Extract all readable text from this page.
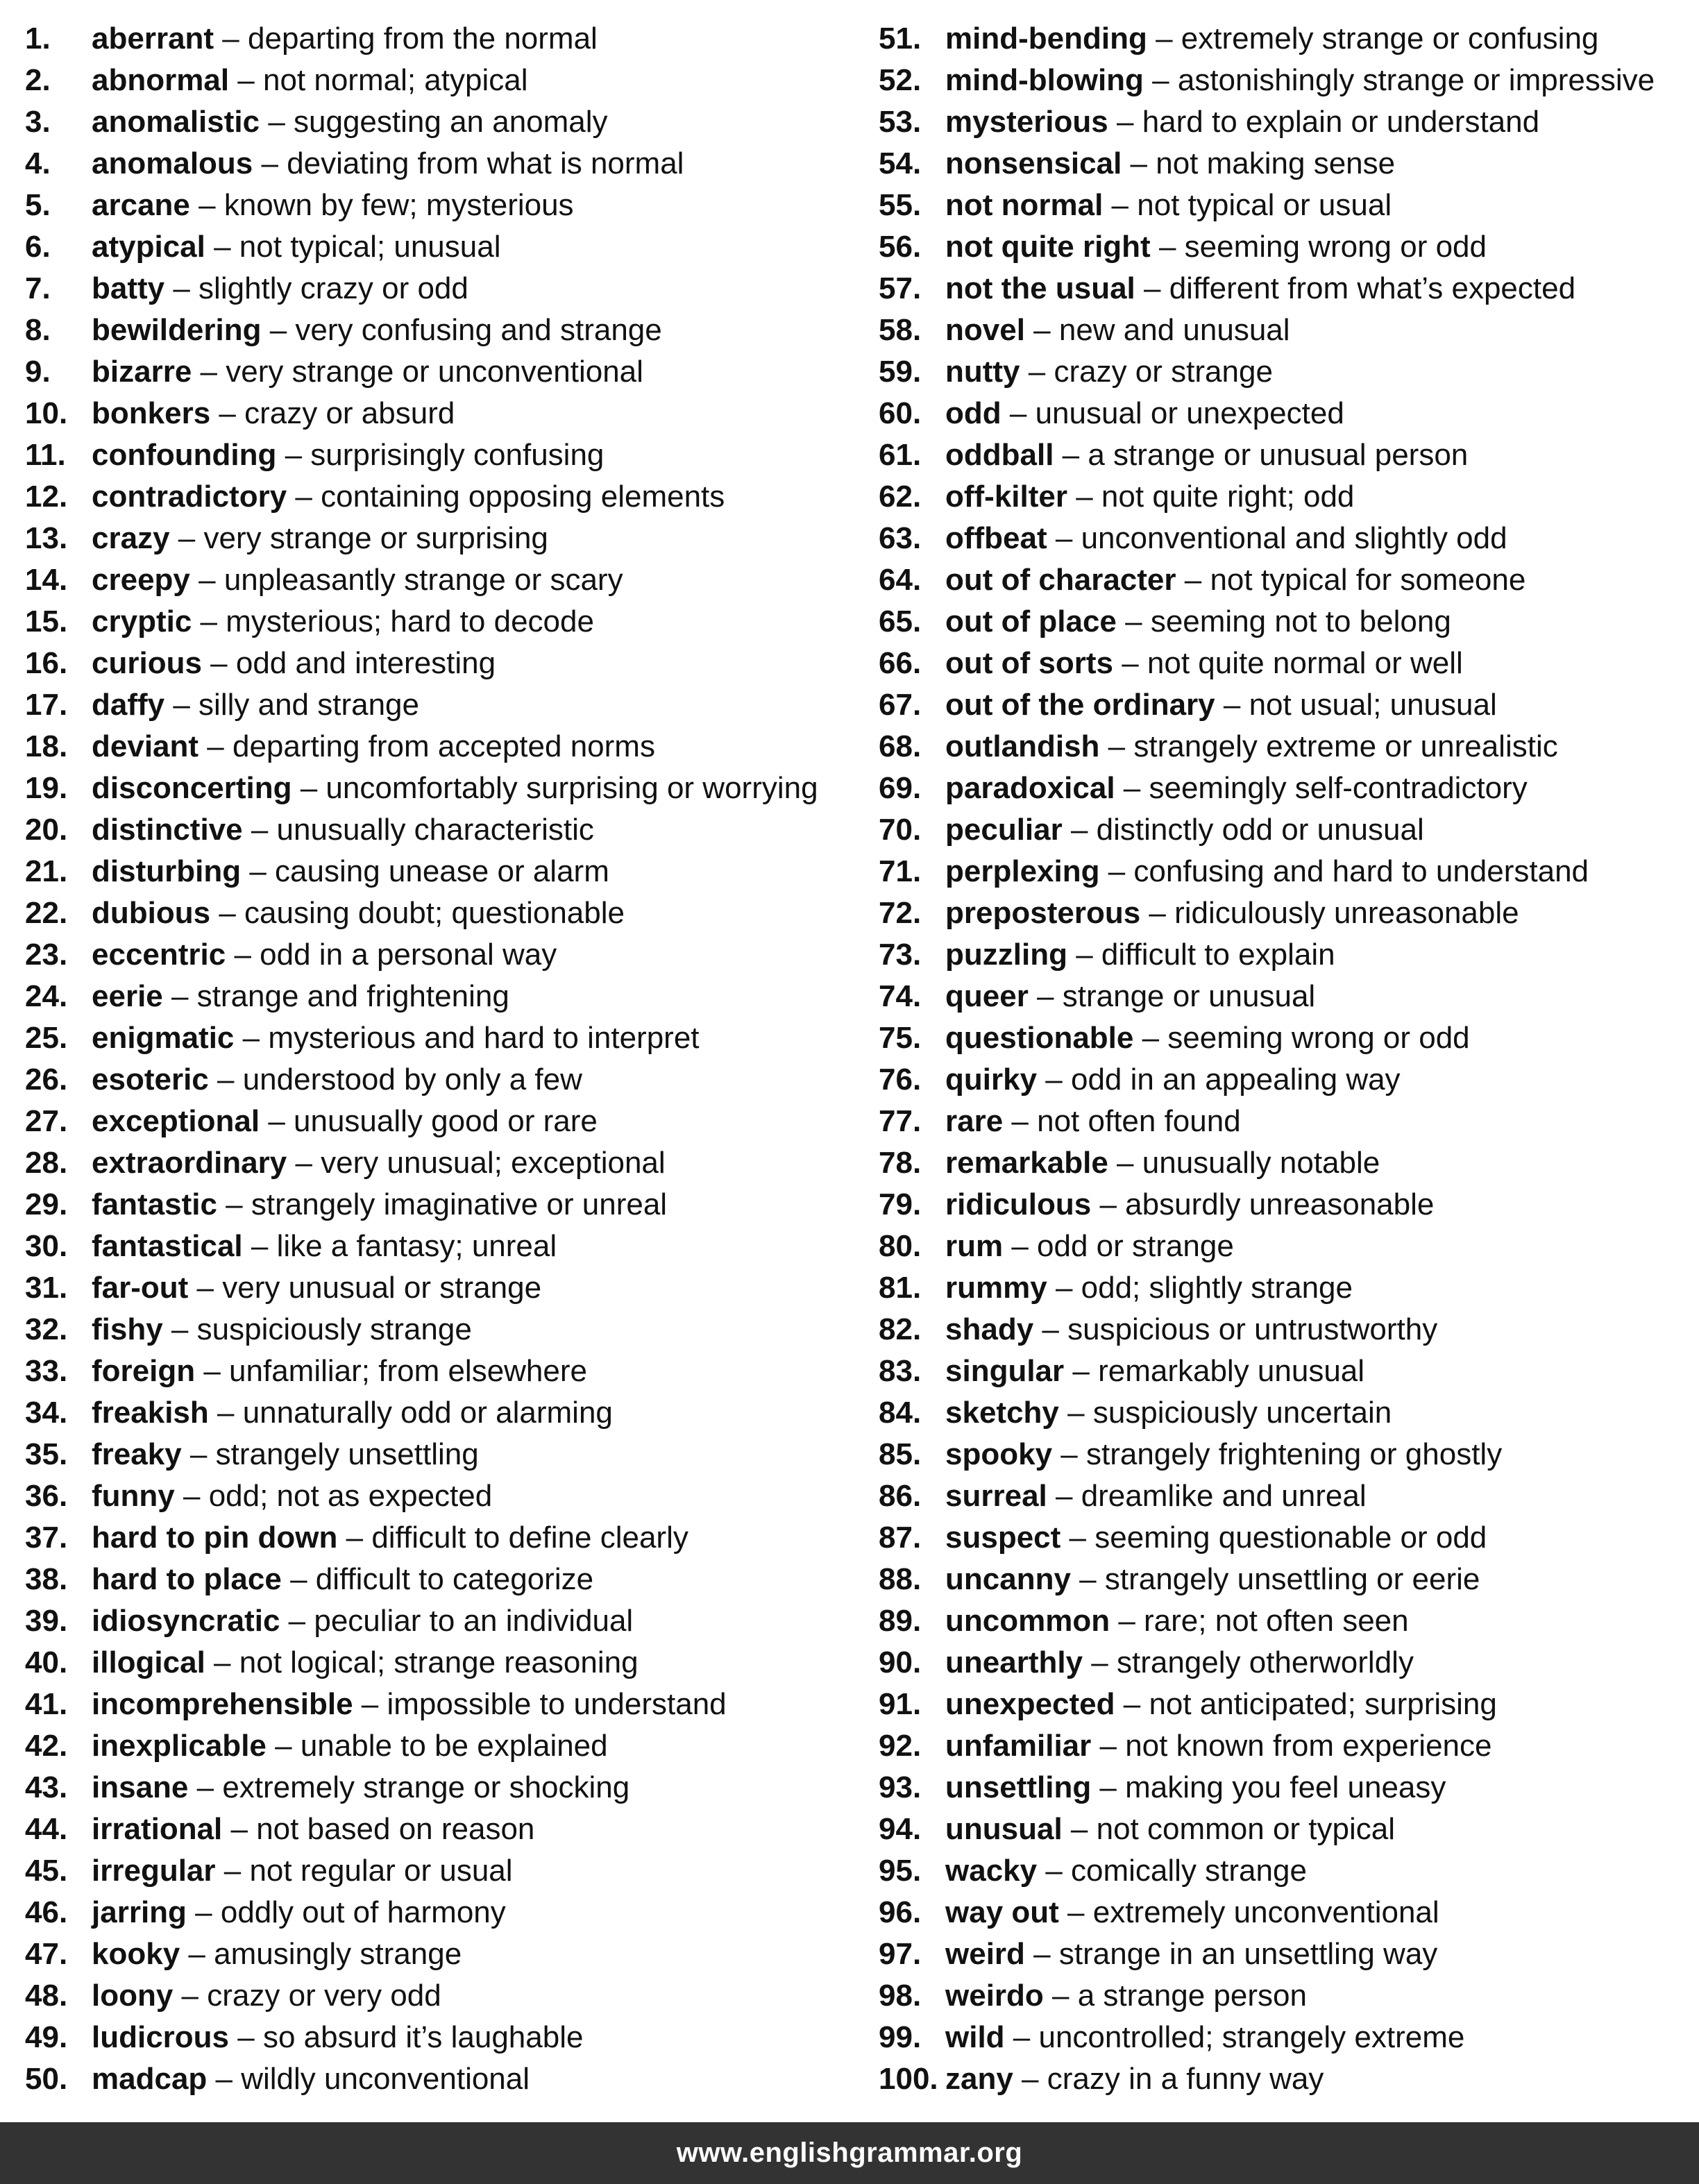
1. aberrant – departing from the normal
2. abnormal – not normal; atypical
3. anomalistic – suggesting an anomaly
4. anomalous – deviating from what is normal
5. arcane – known by few; mysterious
6. atypical – not typical; unusual
7. batty – slightly crazy or odd
8. bewildering – very confusing and strange
9. bizarre – very strange or unconventional
10. bonkers – crazy or absurd
11. confounding – surprisingly confusing
12. contradictory – containing opposing elements
13. crazy – very strange or surprising
14. creepy – unpleasantly strange or scary
15. cryptic – mysterious; hard to decode
16. curious – odd and interesting
17. daffy – silly and strange
18. deviant – departing from accepted norms
19. disconcerting – uncomfortably surprising or worrying
20. distinctive – unusually characteristic
21. disturbing – causing unease or alarm
22. dubious – causing doubt; questionable
23. eccentric – odd in a personal way
24. eerie – strange and frightening
25. enigmatic – mysterious and hard to interpret
26. esoteric – understood by only a few
27. exceptional – unusually good or rare
28. extraordinary – very unusual; exceptional
29. fantastic – strangely imaginative or unreal
30. fantastical – like a fantasy; unreal
31. far-out – very unusual or strange
32. fishy – suspiciously strange
33. foreign – unfamiliar; from elsewhere
34. freakish – unnaturally odd or alarming
35. freaky – strangely unsettling
36. funny – odd; not as expected
37. hard to pin down – difficult to define clearly
38. hard to place – difficult to categorize
39. idiosyncratic – peculiar to an individual
40. illogical – not logical; strange reasoning
41. incomprehensible – impossible to understand
42. inexplicable – unable to be explained
43. insane – extremely strange or shocking
44. irrational – not based on reason
45. irregular – not regular or usual
46. jarring – oddly out of harmony
47. kooky – amusingly strange
48. loony – crazy or very odd
49. ludicrous – so absurd it’s laughable
50. madcap – wildly unconventional
51. mind-bending – extremely strange or confusing
52. mind-blowing – astonishingly strange or impressive
53. mysterious – hard to explain or understand
54. nonsensical – not making sense
55. not normal – not typical or usual
56. not quite right – seeming wrong or odd
57. not the usual – different from what’s expected
58. novel – new and unusual
59. nutty – crazy or strange
60. odd – unusual or unexpected
61. oddball – a strange or unusual person
62. off-kilter – not quite right; odd
63. offbeat – unconventional and slightly odd
64. out of character – not typical for someone
65. out of place – seeming not to belong
66. out of sorts – not quite normal or well
67. out of the ordinary – not usual; unusual
68. outlandish – strangely extreme or unrealistic
69. paradoxical – seemingly self-contradictory
70. peculiar – distinctly odd or unusual
71. perplexing – confusing and hard to understand
72. preposterous – ridiculously unreasonable
73. puzzling – difficult to explain
74. queer – strange or unusual
75. questionable – seeming wrong or odd
76. quirky – odd in an appealing way
77. rare – not often found
78. remarkable – unusually notable
79. ridiculous – absurdly unreasonable
80. rum – odd or strange
81. rummy – odd; slightly strange
82. shady – suspicious or untrustworthy
83. singular – remarkably unusual
84. sketchy – suspiciously uncertain
85. spooky – strangely frightening or ghostly
86. surreal – dreamlike and unreal
87. suspect – seeming questionable or odd
88. uncanny – strangely unsettling or eerie
89. uncommon – rare; not often seen
90. unearthly – strangely otherworldly
91. unexpected – not anticipated; surprising
92. unfamiliar – not known from experience
93. unsettling – making you feel uneasy
94. unusual – not common or typical
95. wacky – comically strange
96. way out – extremely unconventional
97. weird – strange in an unsettling way
98. weirdo – a strange person
99. wild – uncontrolled; strangely extreme
100. zany – crazy in a funny way
www.englishgrammar.org
